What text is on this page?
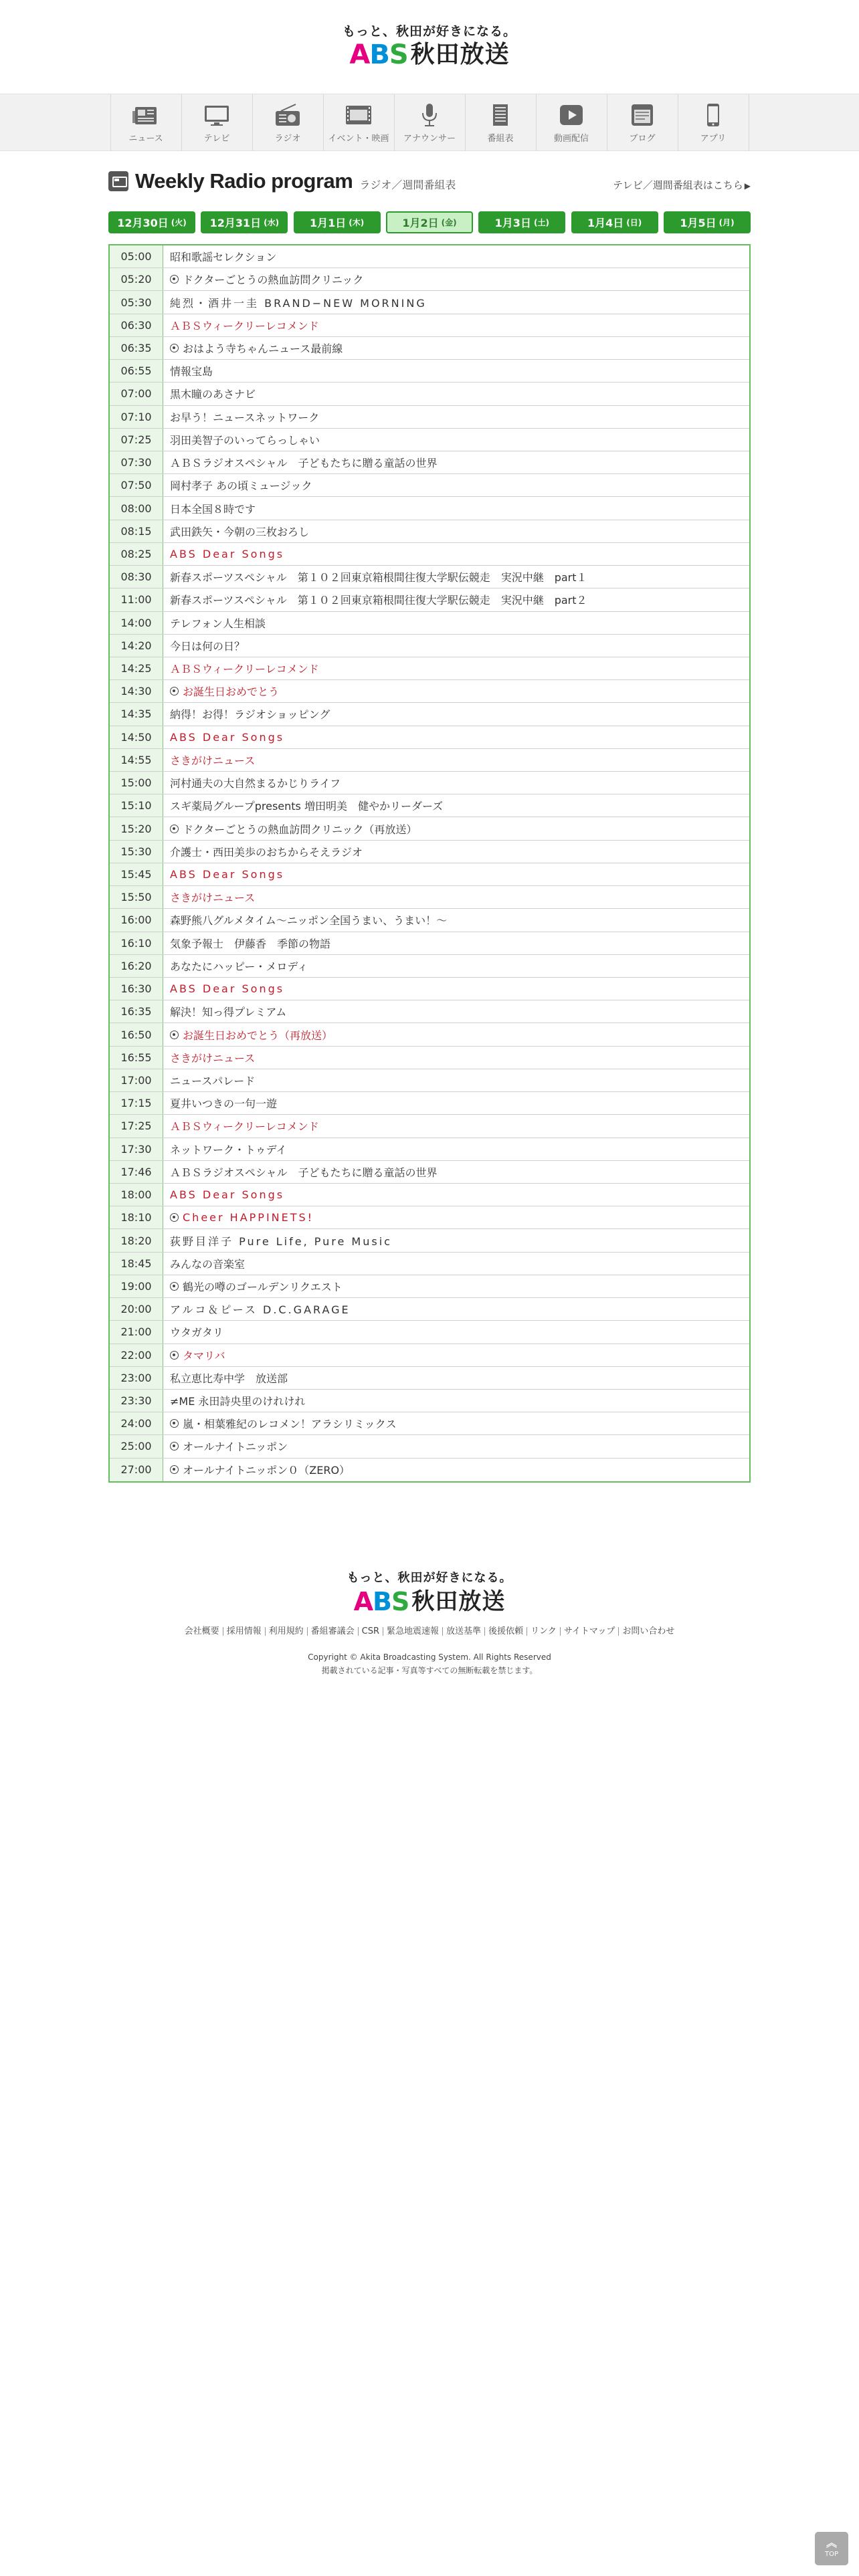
もっと、秋田が好きになる。
A B S 秋田放送
ニュース	テレビ	ラジオ	イベント・映画 アナウンサー	番組表	動画配信	ブログ	アプリ
Weekly Radio program ラジオ／週間番組表	テレビ／週間番組表はこちら ▶
12月30日 (火) 12月31日 (水)	1月1日 (木)	1月2日 (金)	1月3日 (土)	1月4日 (日)	1月5日 (月)
05:00	昭和歌謡セレクション
05:20	ドクターごとうの熱血訪問クリニック
05:30	純烈・酒井一圭 BRAND−NEW MORNING
06:30	ＡＢＳウィークリーレコメンド
06:35	おはよう寺ちゃんニュース最前線
06:55	情報宝島
07:00	黒木瞳のあさナビ
07:10	お早う！ニュースネットワーク
07:25	羽田美智子のいってらっしゃい
07:30	ＡＢＳラジオスペシャル　子どもたちに贈る童話の世界
07:50	岡村孝子 あの頃ミュージック
08:00	日本全国８時です
08:15	武田鉄矢・今朝の三枚おろし
08:25	ABS Dear Songs
08:30	新春スポーツスペシャル　第１０２回東京箱根間往復大学駅伝競走　実況中継　part１
11:00	新春スポーツスペシャル　第１０２回東京箱根間往復大学駅伝競走　実況中継　part２
14:00	テレフォン人生相談
14:20	今日は何の日？
14:25	ＡＢＳウィークリーレコメンド
14:30	お誕生日おめでとう
14:35	納得！お得！ラジオショッピング
14:50	ABS Dear Songs
14:55	さきがけニュース
15:00	河村通夫の大自然まるかじりライフ
15:10	スギ薬局グループpresents 増田明美　健やかリーダーズ
15:20	ドクターごとうの熱血訪問クリニック（再放送）
15:30	介護士・西田美歩のおちからそえラジオ
15:45	ABS Dear Songs
15:50	さきがけニュース
16:00	森野熊八グルメタイム〜ニッポン全国うまい、うまい！〜
16:10	気象予報士　伊藤香　季節の物語
16:20	あなたにハッピー・メロディ
16:30	ABS Dear Songs
16:35	解決！知っ得プレミアム
16:50	お誕生日おめでとう（再放送）
16:55	さきがけニュース
17:00	ニュースパレード
17:15	夏井いつきの一句一遊
17:25	ＡＢＳウィークリーレコメンド
17:30	ネットワーク・トゥデイ
17:46	ＡＢＳラジオスペシャル　子どもたちに贈る童話の世界
18:00	ABS Dear Songs
18:10	Cheer HAPPINETS!
18:20	荻野目洋子 Pure Life, Pure Music
18:45	みんなの音楽室
19:00	鶴光の噂のゴールデンリクエスト
20:00	アルコ＆ピース D.C.GARAGE
21:00	ウタガタリ
22:00	タマリバ
23:00	私立恵比寿中学　放送部
23:30	≠ME 永田詩央里のけれけれ
24:00	嵐・相葉雅紀のレコメン！アラシリミックス
25:00	オールナイトニッポン
27:00	オールナイトニッポン０（ZERO）
もっと、秋田が好きになる。
A B S 秋田放送
会社概要 採用情報 利用規約 番組審議会 CSR 緊急地震速報 放送基準 後援依頼 リンク サイトマップ お問い合わせ
Copyright © Akita Broadcasting System. All Rights Reserved
掲載されている記事・写真等すべての無断転載を禁じます。
︽
TOP
